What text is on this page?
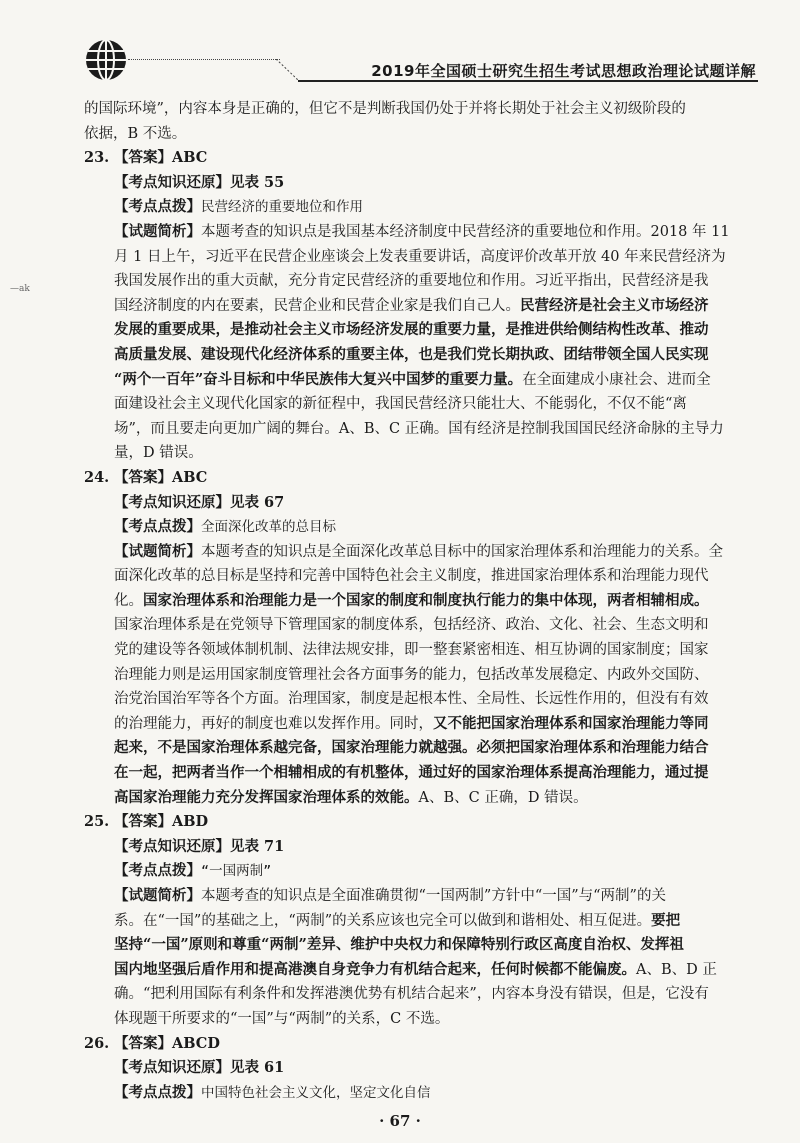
2019年全国硕士研究生招生考试思想政治理论试题详解
—ak

的国际环境”，内容本身是正确的，但它不是判断我国仍处于并将长期处于社会主义初级阶段的

依据，B 不选。

23. 【答案】ABC

【考点知识还原】见表 55

【考点点拨】民营经济的重要地位和作用

【试题简析】本题考查的知识点是我国基本经济制度中民营经济的重要地位和作用。2018 年 11

月 1 日上午，习近平在民营企业座谈会上发表重要讲话，高度评价改革开放 40 年来民营经济为

我国发展作出的重大贡献，充分肯定民营经济的重要地位和作用。习近平指出，民营经济是我

国经济制度的内在要素，民营企业和民营企业家是我们自己人。民营经济是社会主义市场经济

发展的重要成果，是推动社会主义市场经济发展的重要力量，是推进供给侧结构性改革、推动

高质量发展、建设现代化经济体系的重要主体，也是我们党长期执政、团结带领全国人民实现

“两个一百年”奋斗目标和中华民族伟大复兴中国梦的重要力量。在全面建成小康社会、进而全

面建设社会主义现代化国家的新征程中，我国民营经济只能壮大、不能弱化，不仅不能“离

场”，而且要走向更加广阔的舞台。A、B、C 正确。国有经济是控制我国国民经济命脉的主导力

量，D 错误。

24. 【答案】ABC

【考点知识还原】见表 67

【考点点拨】全面深化改革的总目标

【试题简析】本题考查的知识点是全面深化改革总目标中的国家治理体系和治理能力的关系。全

面深化改革的总目标是坚持和完善中国特色社会主义制度，推进国家治理体系和治理能力现代

化。国家治理体系和治理能力是一个国家的制度和制度执行能力的集中体现，两者相辅相成。

国家治理体系是在党领导下管理国家的制度体系，包括经济、政治、文化、社会、生态文明和

党的建设等各领域体制机制、法律法规安排，即一整套紧密相连、相互协调的国家制度；国家

治理能力则是运用国家制度管理社会各方面事务的能力，包括改革发展稳定、内政外交国防、

治党治国治军等各个方面。治理国家，制度是起根本性、全局性、长远性作用的，但没有有效

的治理能力，再好的制度也难以发挥作用。同时，又不能把国家治理体系和国家治理能力等同

起来，不是国家治理体系越完备，国家治理能力就越强。必须把国家治理体系和治理能力结合

在一起，把两者当作一个相辅相成的有机整体，通过好的国家治理体系提高治理能力，通过提

高国家治理能力充分发挥国家治理体系的效能。A、B、C 正确，D 错误。

25. 【答案】ABD

【考点知识还原】见表 71

【考点点拨】“一国两制”

【试题简析】本题考查的知识点是全面准确贯彻“一国两制”方针中“一国”与“两制”的关

系。在“一国”的基础之上，“两制”的关系应该也完全可以做到和谐相处、相互促进。要把

坚持“一国”原则和尊重“两制”差异、维护中央权力和保障特别行政区高度自治权、发挥祖

国内地坚强后盾作用和提高港澳自身竞争力有机结合起来，任何时候都不能偏废。A、B、D 正

确。“把利用国际有利条件和发挥港澳优势有机结合起来”，内容本身没有错误，但是，它没有

体现题干所要求的“一国”与“两制”的关系，C 不选。

26. 【答案】ABCD

【考点知识还原】见表 61

【考点点拨】中国特色社会主义文化，坚定文化自信

· 67 ·
